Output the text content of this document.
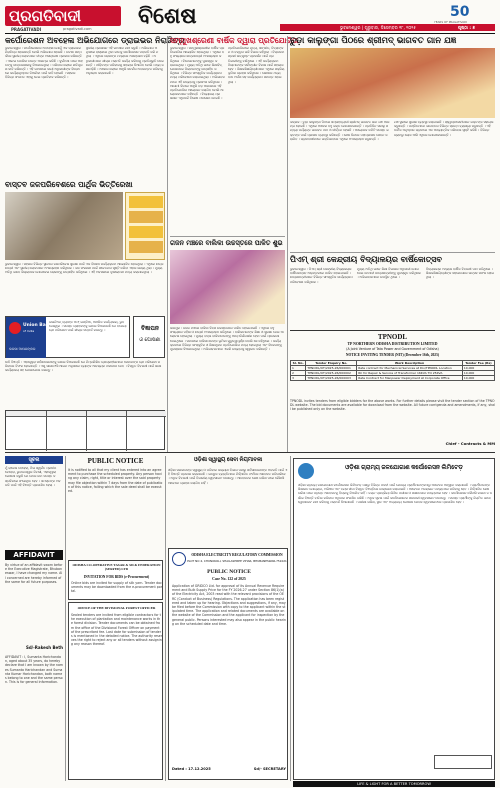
ପ୍ରଗତିବାଦୀ
PRAGATIVADI	pragativadi.com ବିଶେଷ	50
YEARS OF PRAGATIVADI
ଭୁବନେଶ୍ୱର | ଗୁରୁବାର, ଡିସେମ୍ବର ୧୮, ୨୦୨୫	ପୃଷ୍ଠା : ୭
କର୍ପୋରେଶନ ଅବହେଳା ଅଭିଯୋଗରେ ଡ୍ରାଇଭର ନିରାଚିତ୍ର
ଭୁବନେଶ୍ୱର : କର୍ପୋରେସନର ଅବହେଳା ଯୋଗୁଁ ଏକ ଡ୍ରାଇଭର ନିରାଚିତ୍ର ହୋଇଛନ୍ତି ବୋଲି ଅଭିଯୋଗ ହୋଇଛି । ଘଟଣା ସମ୍ପର୍କରେ ସ୍ଥାନୀୟ ଲୋକମାନେ ତୀବ୍ର ଅସନ୍ତୋଷ ପ୍ରକାଶ କରିଛନ୍ତି । ଏନେଇ ପୋଲିସ ତଦନ୍ତ ଆରମ୍ଭ କରିଛି । ଦୁର୍ଘଟଣା ପରେ ଆହତଙ୍କୁ ଡାକ୍ତରଖାନାକୁ ନିଆଯାଇଥିଲା । ପରିବାର ଲୋକେ କ୍ଷତିପୂରଣ ଦାବି କରିଛନ୍ତି । ଏହି ଘଟଣାରେ ଦାୟୀ ଅଧିକାରୀଙ୍କ ବିରୋଧରେ କାର୍ଯ୍ୟାନୁଷ୍ଠାନ ନିଆଯିବା ପାଇଁ ଦାବି ହୋଇଛି । ସହରର ବିଭିନ୍ନ ସଂଗଠନ ଏହାକୁ ନେଇ ପ୍ରତିବାଦ କରିଛନ୍ତି ।
ସ୍ଥାନୀୟ ପ୍ରଶାସନ ଏହି ଘଟଣାର ଯାଞ୍ଚ କରୁଛି । ଅଭିଯୋଗ ଅନୁସାରେ ରାସ୍ତାରେ ଥିବା ଗାତକୁ କର୍ପୋରେସନ ମରାମତି କରି ନ ଥିଲା । ଏଥିରେ ଲୋକଙ୍କ ମଧ୍ୟରେ ଅସନ୍ତୋଷ ବଢ଼ିଛି । ଅଧିକାରୀମାନେ ଶୀଘ୍ର ମରାମତି କାର୍ଯ୍ୟ କରିବାକୁ ପ୍ରତିଶ୍ରୁତି ଦେଇଛନ୍ତି । ପୀଡ଼ିତଙ୍କ ପରିବାରକୁ ସହାୟତା ଦିଆଯିବ ବୋଲି ମଧ୍ୟ ଜଣାପଡ଼ିଛି । ଅଞ୍ଚଳର ଲୋକେ ଆହୁରି ସତର୍କତା ଅବଲମ୍ବନ କରିବାକୁ ଅନୁରୋଧ କରାଯାଇଛି ।
ବାସ୍ତବ ଜଳପରିବେଶରେ ପାର୍ଥିକ ଭିତ୍ତିରେଖା
ଭୁବନେଶ୍ୱର : ସହରର ବିଭିନ୍ନ ସ୍ଥାନରେ ଜଳପରିବେଶ ସୁରକ୍ଷା ପାଇଁ ଏକ ବିଶେଷ କାର୍ଯ୍ୟକ୍ରମ ଆୟୋଜିତ ହୋଇଥିଲା । ଏଥିରେ ଛାତ୍ରଛାତ୍ରୀ ଏବଂ ସ୍ଥାନୀୟ ଲୋକମାନେ ଅଂଶଗ୍ରହଣ କରିଥିଲେ । ଜଳ ସଂରକ୍ଷଣ ପାଇଁ ସଚେତନତା ସୃଷ୍ଟି କରିବା ଏହାର ଲକ୍ଷ୍ୟ ଥିଲା । ମୁଖ୍ୟ ଅତିଥି ଭାବେ ଜିଲ୍ଲାପାଳ ଯୋଗଦେଇ ଲୋକଙ୍କୁ ଉତ୍ସାହିତ କରିଥିଲେ । ଏହି ଅବସରରେ ବୃକ୍ଷରୋପଣ ମଧ୍ୟ କରାଯାଇଥିଲା ।
Union Bank
of India
ଭରସା ଆପଣଙ୍କର
ଇଉନିଅନ୍ ବ୍ୟାଙ୍କ ଅଫ୍ ଇଣ୍ଡିଆ, ଆଞ୍ଚଳିକ କାର୍ଯ୍ୟାଳୟ, ଭୁବନେଶ୍ୱର । ସମସ୍ତ ଗ୍ରାହକଙ୍କୁ ଜଣାଇ ଦିଆଯାଉଛି ଯେ ବକେୟା ଋଣ ପରିଶୋଧ ପାଇଁ ଶୀଘ୍ର ସମ୍ପର୍କ କରନ୍ତୁ ।	ବିଜ୍ଞାପନ
ଓ ଘୋଷଣା
ଦାବି ବିଜ୍ଞପ୍ତି : ଏହାଦ୍ୱାରା ସର୍ବସାଧାରଣଙ୍କୁ ଜଣାଇ ଦିଆଯାଉଛି ଯେ ନିମ୍ନଲିଖିତ ଋଣଗ୍ରହୀତାମାନେ ସେମାନଙ୍କ ଋଣ ପରିଶୋଧ କରିବାରେ ବିଫଳ ହୋଇଛନ୍ତି । ଏଣୁ ସାରଫେସି ଆଇନ ଅନୁସାରେ ବ୍ୟାଙ୍କ ଆବଶ୍ୟକ ପଦକ୍ଷେପ ନେବ । ବିସ୍ତୃତ ବିବରଣୀ ପାଇଁ ଶାଖା କାର୍ଯ୍ୟାଳୟ ସହ ଯୋଗାଯୋଗ କରନ୍ତୁ ।
ସମ୍ମୁଖଶ୍ରେଣୀ ବାର୍ଷିକ ଦ୍ୱାରା ପ୍ରତିଯୋଗିତା
ଭୁବନେଶ୍ୱର : ସମ୍ମୁଖଶ୍ରେଣୀର ବାର୍ଷିକ ପ୍ରତିଯୋଗିତା ଆୟୋଜିତ ହୋଇଥିଲା । ଏଥିରେ ବହୁ ସଂଖ୍ୟାରେ ଛାତ୍ରଛାତ୍ରୀ ଅଂଶଗ୍ରହଣ କରିଥିଲେ । ବିଜେତାମାନଙ୍କୁ ପୁରସ୍କୃତ କରାଯାଇଥିଲା । ମୁଖ୍ୟ ଅତିଥି ଭାବେ ଶିକ୍ଷାବିତ୍ ଯୋଗଦେଇ ପିଲାମାନଙ୍କୁ ଉତ୍ସାହିତ କରିଥିଲେ । ବିଭିନ୍ନ ସାଂସ୍କୃତିକ କାର୍ଯ୍ୟକ୍ରମ ମଧ୍ୟ ପରିବେଷଣ କରାଯାଇଥିଲା । ଅଭିଭାବକମାନେ ଏହି ଉଦ୍ୟମକୁ ପ୍ରଶଂସା କରିଥିଲେ । ଆଗାମୀ ଦିନରେ ଆହୁରି ବଡ଼ ଆକାରରେ ଏହି ପ୍ରତିଯୋଗିତା ଆୟୋଜନ କରାଯିବ ବୋଲି ଆୟୋଜକମାନେ କହିଛନ୍ତି । ବିଦ୍ୟାଳୟ ପ୍ରଶାସନ ଏଥିପାଇଁ ବିଶେଷ ପଦକ୍ଷେପ ନେଇଛି ।
ପ୍ରତିଯୋଗିତାରେ ନୃତ୍ୟ, ସଙ୍ଗୀତ, ଚିତ୍ରାଙ୍କନ ଓ ବକ୍ତୃତା ଭଳି ବିଭାଗ ରହିଥିଲା । ବିଚାରକମଣ୍ଡଳୀ ଉତ୍କୃଷ୍ଟ ପ୍ରଦର୍ଶନ ପାଇଁ ପ୍ରତିଭାଗୀଙ୍କୁ ବାଛିଥିଲେ । ଏହି କାର୍ଯ୍ୟକ୍ରମ ପିଲାମାନଙ୍କ ସର୍ବାଙ୍ଗୀନ ବିକାଶ ପାଇଁ ସହାୟକ ହେବ । ଶିକ୍ଷକଶିକ୍ଷୟିତ୍ରୀମାନେ ଏଥିରେ ସକ୍ରିୟ ଭୂମିକା ଗ୍ରହଣ କରିଥିଲେ । ଶେଷରେ ଧନ୍ୟବାଦ ଅର୍ପଣ ସହ କାର୍ଯ୍ୟକ୍ରମ ସମାପ୍ତ ହୋଇଥିଲା ।
ଗଜନ ମଞ୍ଚରେ ବାଲିକା ଉଚ୍ଚସ୍ତରେ ପାଳିତ ଶୁଭ
ଜାଜପୁର : ଗଜନ ମଞ୍ଚରେ ବାଳିକା ଦିବସ ଉଚ୍ଚସ୍ତରରେ ପାଳିତ ହୋଇଯାଇଛି । ଏଥିରେ ବହୁ ସଂଖ୍ୟାରେ ମହିଳା ଓ ଛାତ୍ରୀ ଅଂଶଗ୍ରହଣ କରିଥିଲେ । ବାଳିକାମାନଙ୍କ ଶିକ୍ଷା ଓ ସୁରକ୍ଷା ନେଇ ଆଲୋଚନା ହୋଇଥିଲା । ମୁଖ୍ୟ ବକ୍ତା ବାଳିକାମାନଙ୍କୁ ଆତ୍ମନିର୍ଭରଶୀଳ ହେବା ପାଇଁ ପ୍ରେରଣା ଦେଇଥିଲେ । ସମାଜରେ ବାଳିକାମାନଙ୍କ ଭୂମିକା ଗୁରୁତ୍ୱପୂର୍ଣ୍ଣ ବୋଲି ସେ କହିଥିଲେ । କାର୍ଯ୍ୟକ୍ରମରେ ବିଭିନ୍ନ ସାଂସ୍କୃତିକ ଓ ଶିକ୍ଷାମୂଳକ ପ୍ରତିଯୋଗିତା ମଧ୍ୟ ହୋଇଥିଲା ଏବଂ ବିଜେତାଙ୍କୁ ପୁରସ୍କାର ଦିଆଯାଇଥିଲା । ଅଭିଭାବକମାନେ ଏଭଳି ଉଦ୍ୟମକୁ ସ୍ୱାଗତ କରିଛନ୍ତି ।
ଚୁଡ଼ା କାଲୁଙ୍ଗା ପିଠରେ ଶ୍ରୀମଦ୍ ଭାଗବତ ଗାନ ଯଜ୍ଞ
ଭଦ୍ରକ : ଚୁଡ଼ା କାଲୁଙ୍ଗା ପିଠରେ ସପ୍ତାହବ୍ୟାପୀ ଶ୍ରୀମଦ୍ ଭାଗବତ ଗାନ ଯଜ୍ଞ ଆରମ୍ଭ ହୋଇଛି । ଏଥିରେ ଅଞ୍ଚଳର ବହୁ ଭକ୍ତ ଯୋଗଦେଇଛନ୍ତି । ପ୍ରତିଦିନ ସକାଳୁ ସନ୍ଧ୍ୟା ପର୍ଯ୍ୟନ୍ତ ଭାଗବତ ପାଠ ଓ କୀର୍ତ୍ତନ ହେଉଛି । ଆୟୋଜକ କମିଟି ସମସ୍ତ ଭକ୍ତଙ୍କ ପାଇଁ ପ୍ରସାଦ ବ୍ୟବସ୍ଥା କରିଛନ୍ତି । ଶେଷ ଦିନରେ ମହାପ୍ରସାଦ ସେବନ କରାଯିବ । ଗ୍ରାମବାସୀମାନେ ଭକ୍ତିଭାବରେ ଏଥିରେ ଅଂଶଗ୍ରହଣ କରୁଛନ୍ତି ।
ଯଜ୍ଞ ସ୍ଥଳରେ ସୁରକ୍ଷା ବ୍ୟବସ୍ଥା କରାଯାଇଛି । ସ୍ୱେଚ୍ଛାସେବୀମାନେ ଭକ୍ତଙ୍କ ସହାୟତା କରୁଛନ୍ତି । ପଣ୍ଡିତମାନେ ଭାଗବତର ବିଭିନ୍ନ ସ୍କନ୍ଧ ବ୍ୟାଖ୍ୟା କରୁଛନ୍ତି । ଏହି ଧାର୍ମିକ ଅନୁଷ୍ଠାନ ଗ୍ରାମରେ ଏକ ଆଧ୍ୟାତ୍ମିକ ପରିବେଶ ସୃଷ୍ଟି କରିଛି । ବିଭିନ୍ନ ଗ୍ରାମରୁ ଲୋକ ଆସି ଏଥିରେ ଯୋଗଦେଉଛନ୍ତି ।
ପିଏମ୍ ଶ୍ରୀ କେନ୍ଦ୍ରୀୟ ବିଦ୍ୟାଳୟର ବାର୍ଷିକୋତ୍ସବ
ଭୁବନେଶ୍ୱର : ପିଏମ୍ ଶ୍ରୀ କେନ୍ଦ୍ରୀୟ ବିଦ୍ୟାଳୟର ବାର୍ଷିକୋତ୍ସବ ଆଡ଼ମ୍ବରରେ ପାଳିତ ହୋଇଯାଇଛି । ଛାତ୍ରଛାତ୍ରୀମାନେ ବିଭିନ୍ନ ସାଂସ୍କୃତିକ କାର୍ଯ୍ୟକ୍ରମ ପରିବେଷଣ କରିଥିଲେ ।
ମୁଖ୍ୟ ଅତିଥି ଭାବେ ଶିକ୍ଷା ବିଭାଗର ଅଧିକାରୀ ଯୋଗଦେଇ ମେଧାବୀ ଛାତ୍ରଛାତ୍ରୀଙ୍କୁ ପୁରସ୍କୃତ କରିଥିଲେ । ଅଭିଭାବକମାନେ ଉପସ୍ଥିତ ଥିଲେ ।
ବିଦ୍ୟାଳୟର ଅଧ୍ୟକ୍ଷ ବାର୍ଷିକ ବିବରଣୀ ପାଠ କରିଥିଲେ । ଶିକ୍ଷକଶିକ୍ଷୟିତ୍ରୀଙ୍କ ସହଯୋଗରେ ଉତ୍ସବ ସଫଳ ହୋଇଥିଲା ।
TPNODL
TP NORTHERN ODISHA DISTRIBUTION LIMITED
(A Joint Venture of Tata Power and Government of Odisha)
NOTICE INVITING TENDER (NIT) (December 16th, 2025)
Sl. No.	Tender Enquiry No.	Work Description	Tender Fee (Rs)
1	TPNODL/OT/2025-26/000001	Rate contract for Mechanical Services at Div/TPNODL Location	10,000
2	TPNODL/OT/2025-26/000002	RC for Repair & Service of Transformer 16KVA TO 25KVA	10,000
3	TPNODL/OT/2025-26/000003	Rate Contract for Manpower Deployment at Corporate Office	10,000
TPNODL invites tenders from eligible bidders for the above works. For further details please visit the tender section of the TPNODL website. The bid documents are available for download from the website. All future corrigenda and amendments, if any, shall be published only on the website.
Chief - Contracts & MM
ସୂଚନା
ମୁଁ ରାକେଶ ବେହେରା, ପିତା ସ୍ୱର୍ଗତ ପ୍ରଦୀପ ବେହେରା, ଭୁବନେଶ୍ୱର ନିବାସୀ, ଏହାଦ୍ୱାରା ଘୋଷଣା କରୁଛି ଯେ ମୋର ନାମ ସମସ୍ତ ଦସ୍ତାବିଜରେ ସଂଶୋଧିତ ହେବ । ସମସ୍ତଙ୍କ ଅବଗତି ପାଇଁ ଏହି ବିଜ୍ଞପ୍ତି ପ୍ରକାଶିତ ହେଲା ।
AFFIDAVIT
By virtue of an affidavit sworn before the Executive Magistrate, Bhubaneswar, I have changed my name. All concerned are hereby informed of the same for all future purposes.
Sd/-Rakesh Beth
AFFIDAVIT : I, Sumanta Harichandan, aged about 35 years, do hereby declare that I am known by the names Sumanta Harichandan and Sumanta Kumar Harichandan, both names belong to one and the same person. This is for general information.
PUBLIC NOTICE
It is notified to all that my client has entered into an agreement to purchase the scheduled property. Any person having any claim, right, title or interest over the said property may file objection within 7 days from the date of publication of this notice, failing which the sale deed shall be executed.
ODISHA CO-OPERATIVE TASAR & SILK FEDERATION (SERFED) LTD
INVITATION FOR BIDS (e-Procurement)
Online bids are invited for supply of silk yarn. Tender documents may be downloaded from the e-procurement portal.
OFFICE OF THE DIVISIONAL FOREST OFFICER
Sealed tenders are invited from eligible contractors for the execution of plantation and maintenance works in the forest division. Tender documents can be obtained from the office of the Divisional Forest Officer on payment of the prescribed fee. Last date for submission of tenders is mentioned in the detailed notice. The authority reserves the right to reject any or all tenders without assigning any reason thereof.
ଓଡ଼ିଶା ସ୍ୱାସ୍ଥ୍ୟ ସେବା ନିୟମାବଳୀ
ଓଡ଼ିଶା ସରକାରଙ୍କ ସ୍ୱାସ୍ଥ୍ୟ ଓ ପରିବାର କଲ୍ୟାଣ ବିଭାଗ ପକ୍ଷରୁ ସର୍ବସାଧାରଣଙ୍କ ଅବଗତି ପାଇଁ ଏହି ବିଜ୍ଞପ୍ତି ପ୍ରକାଶ କରାଯାଉଛି । ଇଚ୍ଛୁକ ବ୍ୟକ୍ତିମାନେ ନିର୍ଦ୍ଧାରିତ ଫର୍ମରେ ଆବେଦନ କରିପାରିବେ । ଅଧିକ ବିବରଣୀ ପାଇଁ ବିଭାଗୀୟ ୱେବସାଇଟ ଦେଖନ୍ତୁ । ଆବେଦନର ଶେଷ ତାରିଖ ପରେ କୌଣସି ଆବେଦନ ଗ୍ରହଣ କରାଯିବ ନାହିଁ ।
ODISHA ELECTRICITY REGULATORY COMMISSION
PLOT NO 4, CHUNOKOLI, SHAILASHREE VIHAR, BHUBANESWAR-751021
PUBLIC NOTICE
Case No. 122 of 2025
Application of GRIDCO Ltd. for approval of its Annual Revenue Requirement and Bulk Supply Price for the FY 2026-27 under Section 86(1)(a) of the Electricity Act, 2003 read with the relevant provisions of the OERC (Conduct of Business) Regulations. The application has been registered and taken up for hearing. Objections and suggestions, if any, may be filed before the Commission with copy to the applicant within the stipulated time. The application and related documents are available on the website of the Commission and the applicant for inspection by the general public. Persons interested may also appear in the public hearing on the scheduled date and time.
Dated : 17.12.2025	Sd/- SECRETARY
ଓଡ଼ିଶା ଗ୍ରାମ୍ୟ ଜଳଯୋଗାଣ କର୍ପୋରେସନ ଲିମିଟେଡ଼
ଓଡ଼ିଶା ଗ୍ରାମ୍ୟ ଜଳଯୋଗାଣ କର୍ପୋରେସନ ଲିମିଟେଡ଼ ପକ୍ଷରୁ ବିଭିନ୍ନ ପଦବୀ ପାଇଁ ଯୋଗ୍ୟ ପ୍ରାର୍ଥୀମାନଙ୍କଠାରୁ ଆବେଦନ ଆହ୍ୱାନ କରାଯାଉଛି । ପ୍ରାର୍ଥୀମାନଙ୍କ ଶିକ୍ଷାଗତ ଯୋଗ୍ୟତା, ଅଭିଜ୍ଞତା ଏବଂ ବୟସ ସୀମା ବିସ୍ତୃତ ବିଜ୍ଞପ୍ତିରେ ଉଲ୍ଲେଖ କରାଯାଇଛି । ଆବେଦନ ଅନଲାଇନ ମାଧ୍ୟମରେ କରିବାକୁ ହେବ । ନିର୍ଦ୍ଧାରିତ ଶେଷ ତାରିଖ ପରେ ପ୍ରାପ୍ତ ଆବେଦନକୁ ବିଚାରକୁ ନିଆଯିବ ନାହିଁ । ଚୟନ ପ୍ରକ୍ରିୟା ଲିଖିତ ପରୀକ୍ଷା ଓ ସାକ୍ଷାତକାର ମାଧ୍ୟମରେ ହେବ । କର୍ପୋରେସନ କୌଣସି କାରଣ ନ ଦର୍ଶାଇ ବିଜ୍ଞପ୍ତି ବାତିଲ କରିବାର ଅଧିକାର ସଂରକ୍ଷିତ ରଖିଛି । ଅଧିକ ସୂଚନା ପାଇଁ କର୍ପୋରେସନର ସରକାରୀ ୱେବସାଇଟ ଦେଖନ୍ତୁ । ସମସ୍ତ ପ୍ରାର୍ଥୀଙ୍କୁ ନିୟମିତ ଭାବେ ୱେବସାଇଟ ଯାଞ୍ଚ କରିବାକୁ ପରାମର୍ଶ ଦିଆଯାଉଛି । ପରୀକ୍ଷା ତାରିଖ, ସ୍ଥାନ ଏବଂ ଅନ୍ୟାନ୍ୟ ଘୋଷଣା କେବଳ ୱେବସାଇଟରେ ପ୍ରକାଶିତ ହେବ ।
LIFE & LIGHT FOR A BETTER TOMORROW
